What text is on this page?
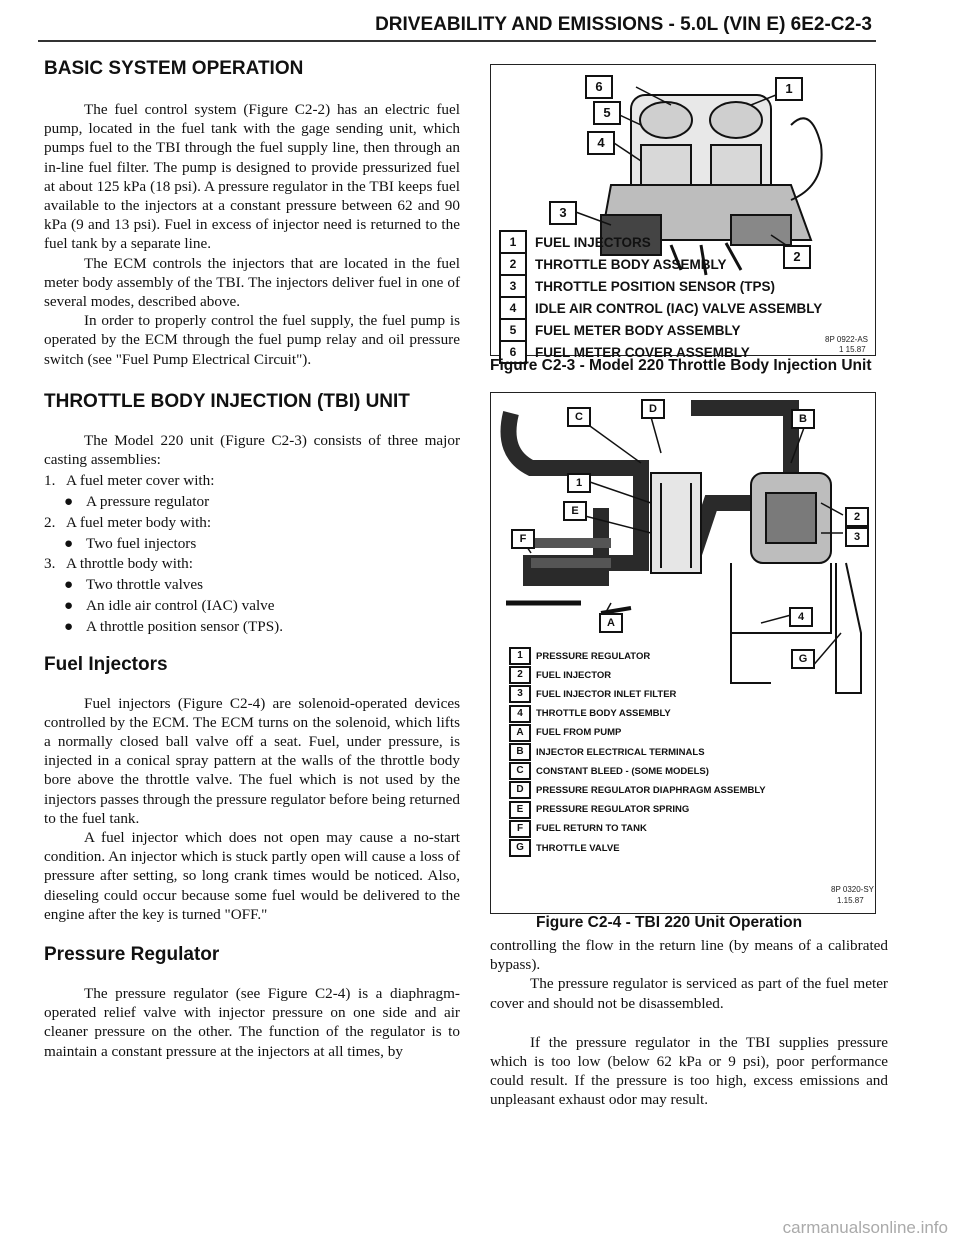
DRIVEABILITY AND EMISSIONS - 5.0L (VIN E) 6E2-C2-3
BASIC SYSTEM OPERATION

The fuel control system (Figure C2-2) has an electric fuel pump, located in the fuel tank with the gage sending unit, which pumps fuel to the TBI through the fuel supply line, then through an in-line fuel filter. The pump is designed to provide pressurized fuel at about 125 kPa (18 psi). A pressure regulator in the TBI keeps fuel available to the injectors at a constant pressure between 62 and 90 kPa (9 and 13 psi). Fuel in excess of injector need is returned to the fuel tank by a separate line.

The ECM controls the injectors that are located in the fuel meter body assembly of the TBI. The injectors deliver fuel in one of several modes, described above.

In order to properly control the fuel supply, the fuel pump is operated by the ECM through the fuel pump relay and oil pressure switch (see "Fuel Pump Electrical Circuit").

THROTTLE BODY INJECTION (TBI) UNIT

The Model 220 unit (Figure C2-3) consists of three major casting assemblies:

1. A fuel meter cover with:
● A pressure regulator
2. A fuel meter body with:
● Two fuel injectors
3. A throttle body with:
● Two throttle valves
● An idle air control (IAC) valve
● A throttle position sensor (TPS).
Fuel Injectors

Fuel injectors (Figure C2-4) are solenoid-operated devices controlled by the ECM. The ECM turns on the solenoid, which lifts a normally closed ball valve off a seat. Fuel, under pressure, is injected in a conical spray pattern at the walls of the throttle body bore above the throttle valve. The fuel which is not used by the injectors passes through the pressure regulator before being returned to the fuel tank.

A fuel injector which does not open may cause a no-start condition. An injector which is stuck partly open will cause a loss of pressure after setting, so long crank times would be noticed. Also, dieseling could occur because some fuel would be delivered to the engine after the key is turned "OFF."

Pressure Regulator

The pressure regulator (see Figure C2-4) is a diaphragm-operated relief valve with injector pressure on one side and air cleaner pressure on the other. The function of the regulator is to maintain a constant pressure at the injectors at all times, by

6	1
5
4
3
2
1	FUEL INJECTORS
2	THROTTLE BODY ASSEMBLY
3	THROTTLE POSITION SENSOR (TPS)
4	IDLE AIR CONTROL (IAC) VALVE ASSEMBLY
5	FUEL METER BODY ASSEMBLY
6	FUEL METER COVER ASSEMBLY
8P 0922-AS
1 15.87
Figure C2-3 - Model 220 Throttle Body Injection Unit
C
D
B
1
E	2
3
F
A	4
G
1	PRESSURE REGULATOR
2	FUEL INJECTOR
3	FUEL INJECTOR INLET FILTER
4	THROTTLE BODY ASSEMBLY
A	FUEL FROM PUMP
B	INJECTOR ELECTRICAL TERMINALS
C	CONSTANT BLEED - (SOME MODELS)
D	PRESSURE REGULATOR DIAPHRAGM ASSEMBLY
E	PRESSURE REGULATOR SPRING
F	FUEL RETURN TO TANK
G	THROTTLE VALVE
8P 0320-SY
1.15.87
Figure C2-4 - TBI 220 Unit Operation

controlling the flow in the return line (by means of a calibrated bypass).

The pressure regulator is serviced as part of the fuel meter cover and should not be disassembled.

If the pressure regulator in the TBI supplies pressure which is too low (below 62 kPa or 9 psi), poor performance could result. If the pressure is too high, excess emissions and unpleasant exhaust odor may result.

carmanualsonline.info
